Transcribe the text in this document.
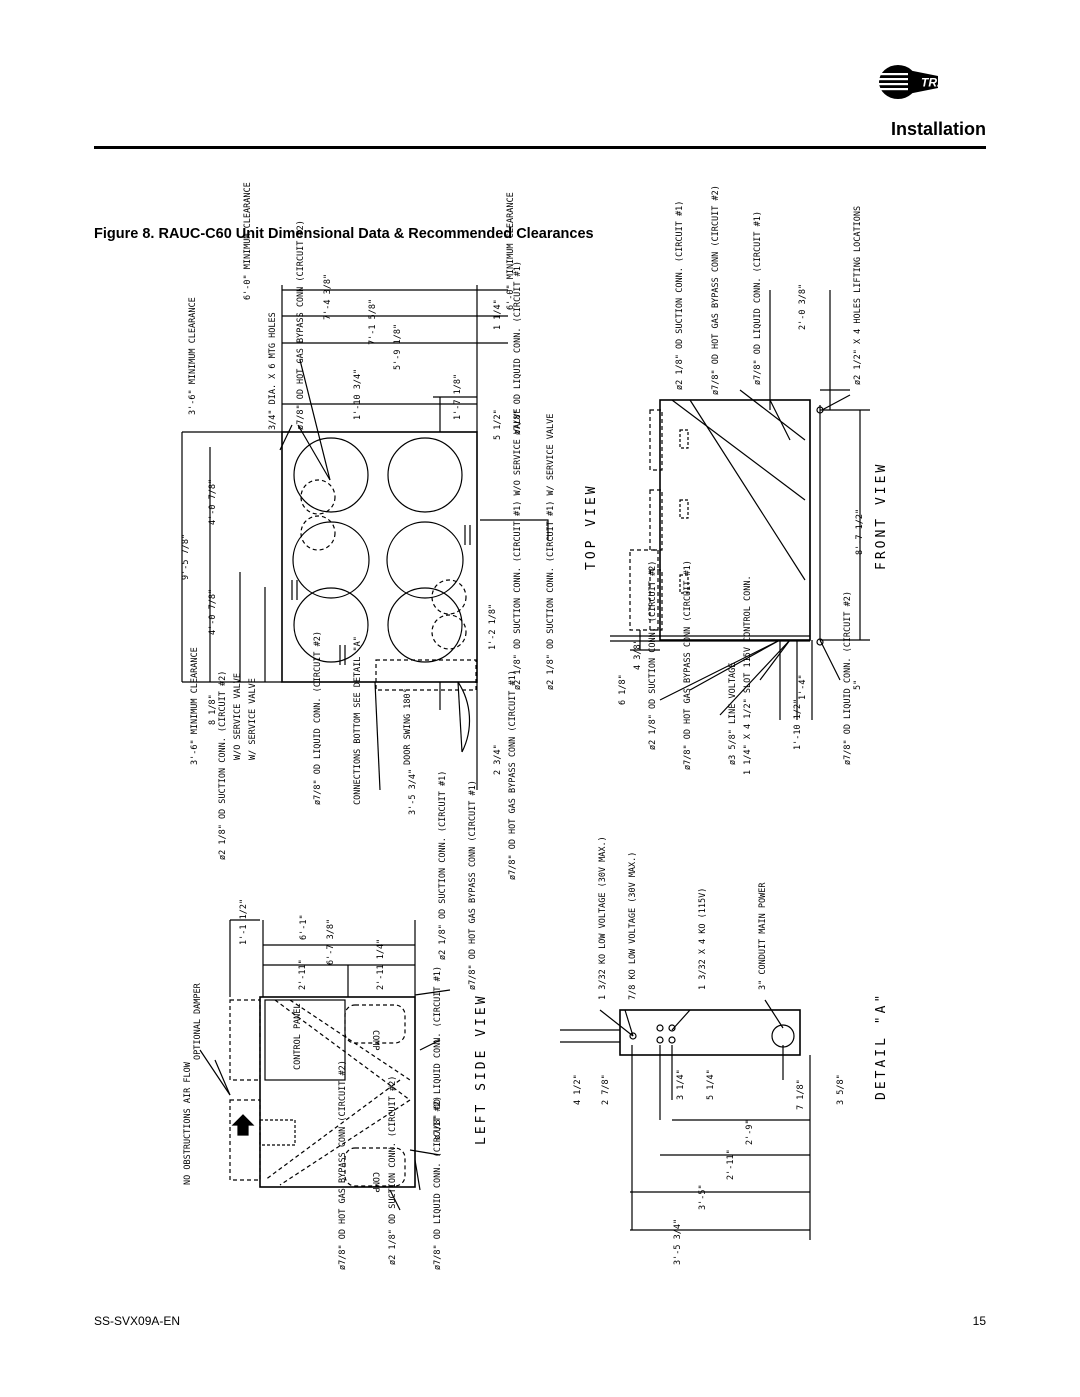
TRANE
Installation
Figure 8. RAUC-C60 Unit Dimensional Data & Recommended Clearances
6'-0" MINIMUM CLEARANCE	7'-4 3/8"
7'-1 5/8"
5'-9 1/8"
1'-10 3/4"	1'-7 1/8"
1 1/4"
5 1/2"
6'-0" MINIMUM CLEARANCE
3/4" DIA. X 6 MTG HOLES ø7/8" OD HOT GAS BYPASS CONN (CIRCUIT #2)	ø7/8" OD LIQUID CONN. (CIRCUIT #1)
3'-6" MINIMUM CLEARANCE
9'-5 7/8"
4'-0 7/8"
4'-0 7/8"
8 1/8"
3'-6" MINIMUM CLEARANCE	W/O SERVICE VALVE W/ SERVICE VALVE
ø2 1/8" OD SUCTION CONN. (CIRCUIT #2)	ø7/8" OD LIQUID CONN. (CIRCUIT #2)	CONNECTIONS BOTTOM SEE DETAIL "A"	DOOR SWING 180°
3'-5 3/4"
2 3/4"
1'-2 1/8"
ø7/8" OD HOT GAS BYPASS CONN (CIRCUIT #1)
ø2 1/8" OD SUCTION CONN. (CIRCUIT #1) W/O SERVICE VALVE	ø2 1/8" OD SUCTION CONN. (CIRCUIT #1) W/ SERVICE VALVE TOP VIEW
ø2 1/8" OD SUCTION CONN. (CIRCUIT #1)	ø7/8" OD HOT GAS BYPASS CONN (CIRCUIT #2)	ø7/8" OD LIQUID CONN. (CIRCUIT #1)	2'-0 3/8"	ø2 1/2" X 4 HOLES LIFTING LOCATIONS
8'-7 1/2"
6 1/8"
4 3/8" ø2 1/8" OD SUCTION CONN. (CIRCUIT #2)	ø7/8" OD HOT GAS BYPASS CONN (CIRCUIT #1)	ø3 5/8" LINE VOLTAGE 1 1/4" X 4 1/2" SLOT 115V CONTROL CONN.	1'-4"
1'-10 1/2"
5"
ø7/8" OD LIQUID CONN. (CIRCUIT #2)
FRONT VIEW
NO OBSTRUCTIONS AIR FLOW
OPTIONAL DAMPER
1'-1 1/2"	6'-1" 6'-7 3/8"
2'-11"	2'-11 1/4"
CONTROL PANEL	COMP
COMP
ø2 1/8" OD SUCTION CONN. (CIRCUIT #1) ø7/8" OD HOT GAS BYPASS CONN (CIRCUIT #1)
ø7/8" OD LIQUID CONN. (CIRCUIT #1)
ø7/8" OD HOT GAS BYPASS CONN (CIRCUIT #2)	ø2 1/8" OD SUCTION CONN. (CIRCUIT #2)	ø7/8" OD LIQUID CONN. (CIRCUIT #2)
LEFT SIDE VIEW
1 3/32 KO LOW VOLTAGE (30V MAX.) 7/8 KO LOW VOLTAGE (30V MAX.)	1 3/32 X 4 KO (115V)	3" CONDUIT MAIN POWER
4 1/2" 2 7/8"	3 1/4" 5 1/4"	7 1/8"	3 5/8"
2'-9"
2'-11"
3'-5"
3'-5 3/4"
DETAIL "A"
SS-SVX09A-EN	15
